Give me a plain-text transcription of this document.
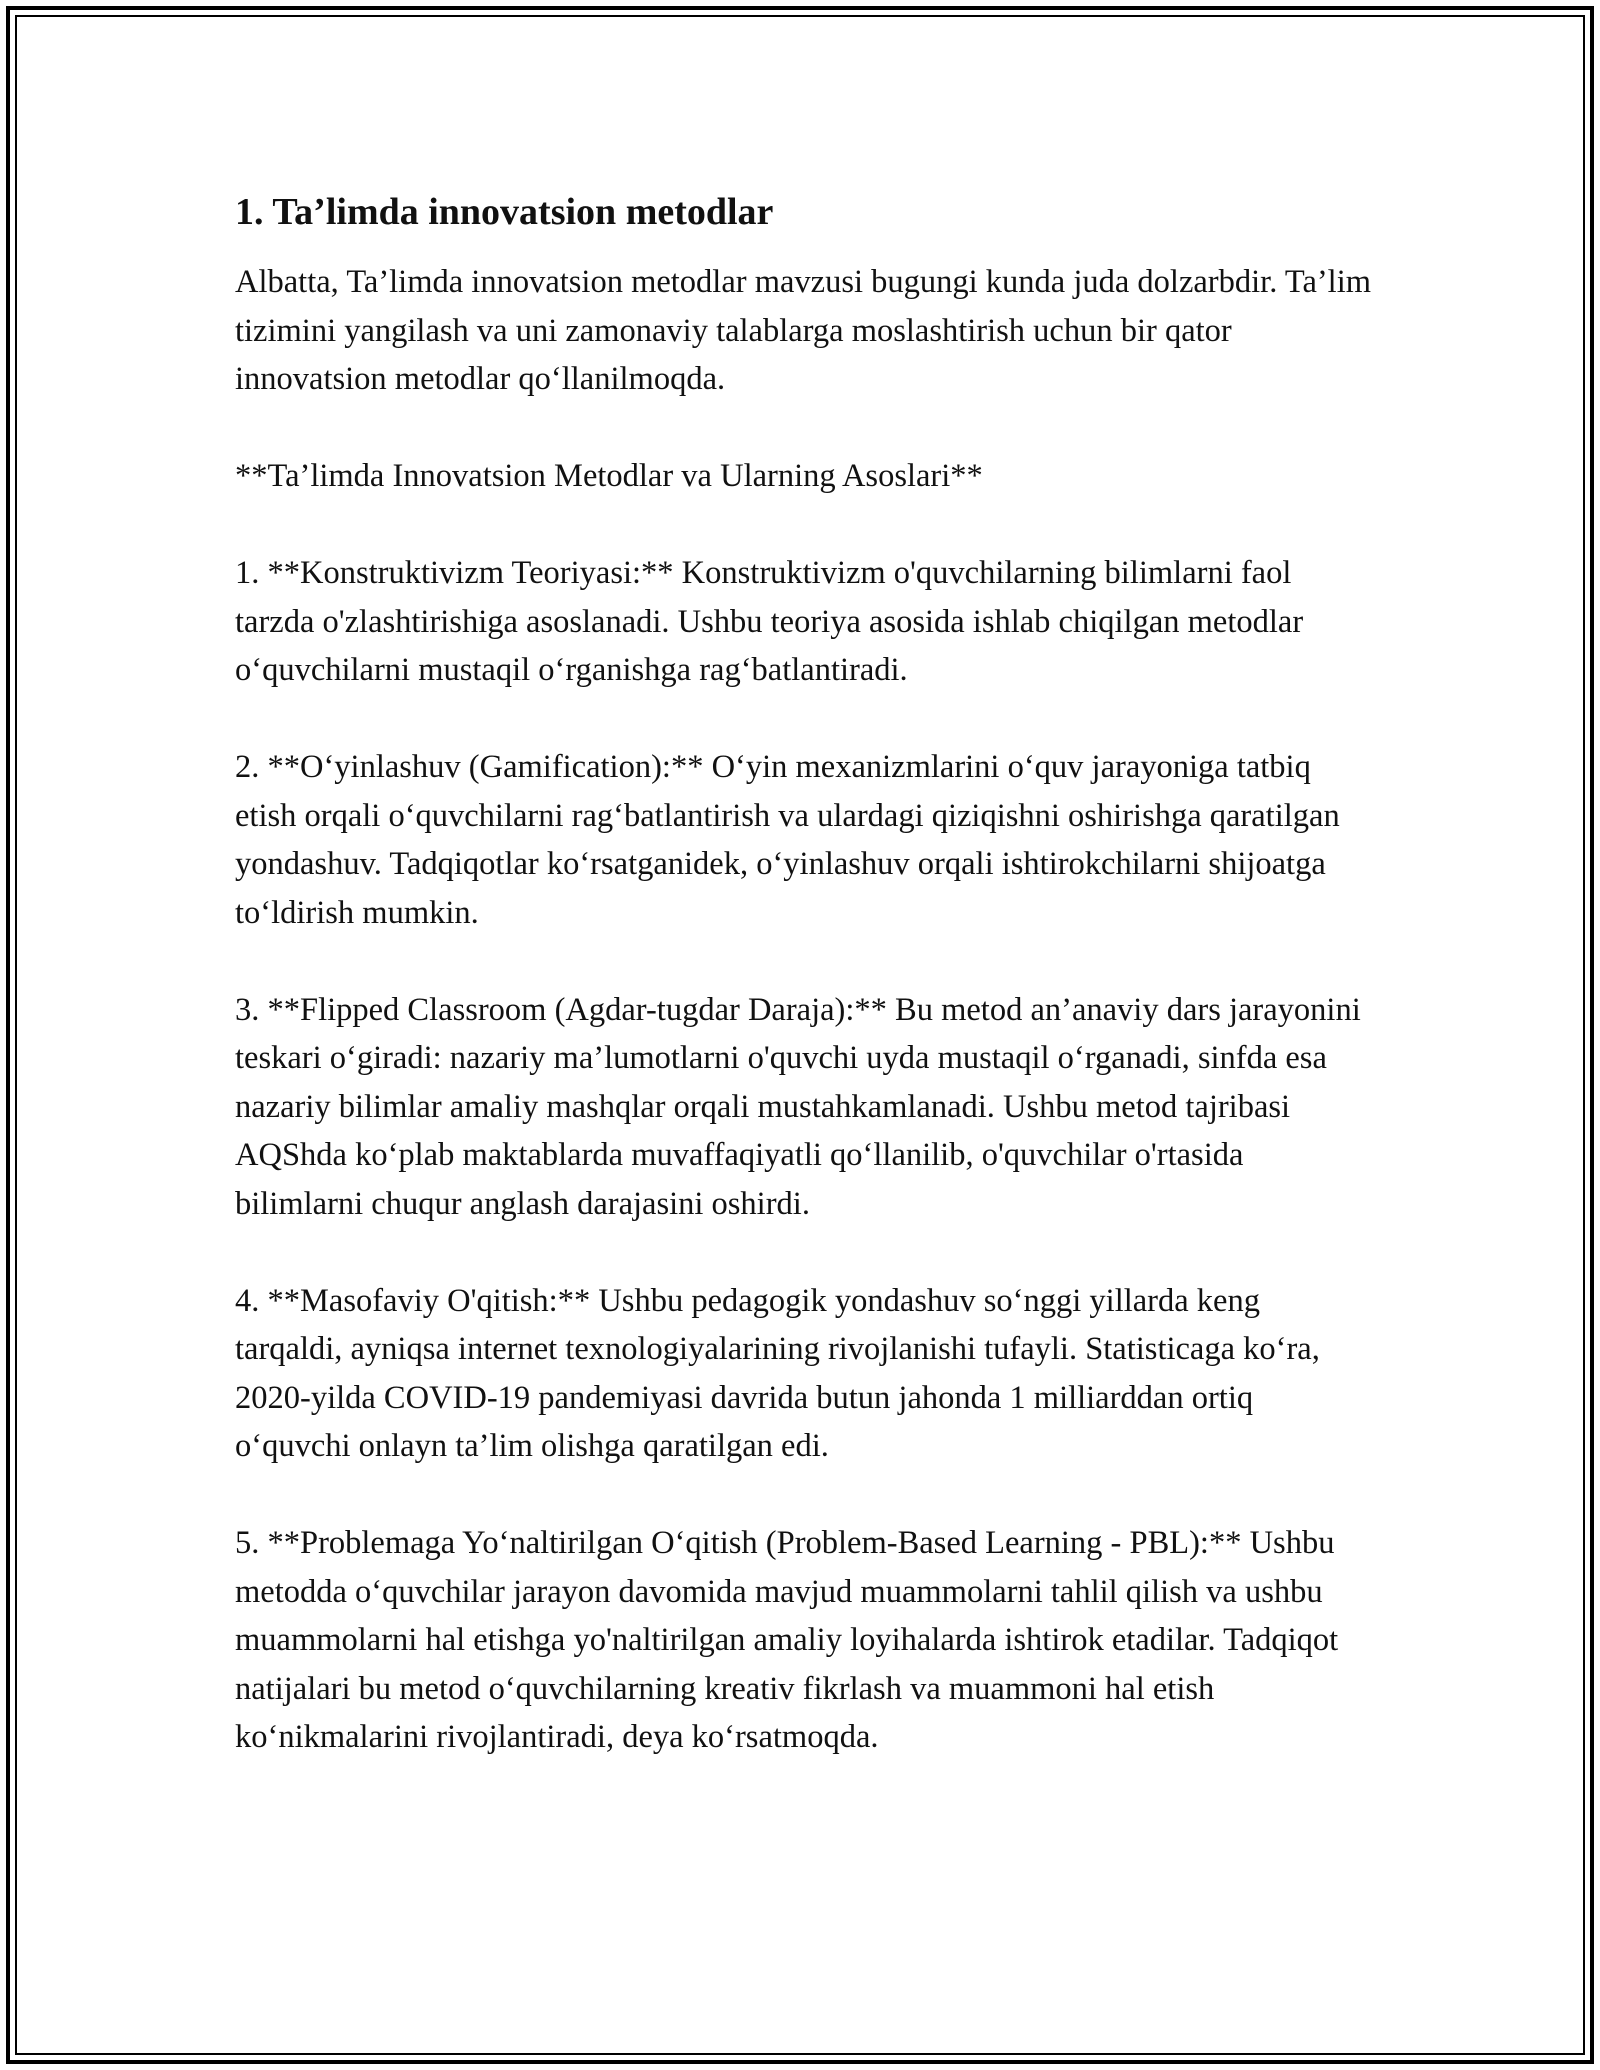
1. Ta’limda innovatsion metodlar

Albatta, Ta’limda innovatsion metodlar mavzusi bugungi kunda juda dolzarbdir. Ta’lim tizimini yangilash va uni zamonaviy talablarga moslashtirish uchun bir qator innovatsion metodlar qo‘llanilmoqda.

**Ta’limda Innovatsion Metodlar va Ularning Asoslari**

1. **Konstruktivizm Teoriyasi:** Konstruktivizm o'quvchilarning bilimlarni faol tarzda o'zlashtirishiga asoslanadi. Ushbu teoriya asosida ishlab chiqilgan metodlar o‘quvchilarni mustaqil o‘rganishga rag‘batlantiradi.

2. **O‘yinlashuv (Gamification):** O‘yin mexanizmlarini o‘quv jarayoniga tatbiq etish orqali o‘quvchilarni rag‘batlantirish va ulardagi qiziqishni oshirishga qaratilgan yondashuv. Tadqiqotlar ko‘rsatganidek, o‘yinlashuv orqali ishtirokchilarni shijoatga to‘ldirish mumkin.

3. **Flipped Classroom (Agdar-tugdar Daraja):** Bu metod an’anaviy dars jarayonini teskari o‘giradi: nazariy ma’lumotlarni o'quvchi uyda mustaqil o‘rganadi, sinfda esa nazariy bilimlar amaliy mashqlar orqali mustahkamlanadi. Ushbu metod tajribasi AQShda ko‘plab maktablarda muvaffaqiyatli qo‘llanilib, o'quvchilar o'rtasida bilimlarni chuqur anglash darajasini oshirdi.

4. **Masofaviy O'qitish:** Ushbu pedagogik yondashuv so‘nggi yillarda keng tarqaldi, ayniqsa internet texnologiyalarining rivojlanishi tufayli. Statisticaga ko‘ra, 2020-yilda COVID-19 pandemiyasi davrida butun jahonda 1 milliarddan ortiq o‘quvchi onlayn ta’lim olishga qaratilgan edi.

5. **Problemaga Yo‘naltirilgan O‘qitish (Problem-Based Learning - PBL):** Ushbu metodda o‘quvchilar jarayon davomida mavjud muammolarni tahlil qilish va ushbu muammolarni hal etishga yo'naltirilgan amaliy loyihalarda ishtirok etadilar. Tadqiqot natijalari bu metod o‘quvchilarning kreativ fikrlash va muammoni hal etish ko‘nikmalarini rivojlantiradi, deya ko‘rsatmoqda.
